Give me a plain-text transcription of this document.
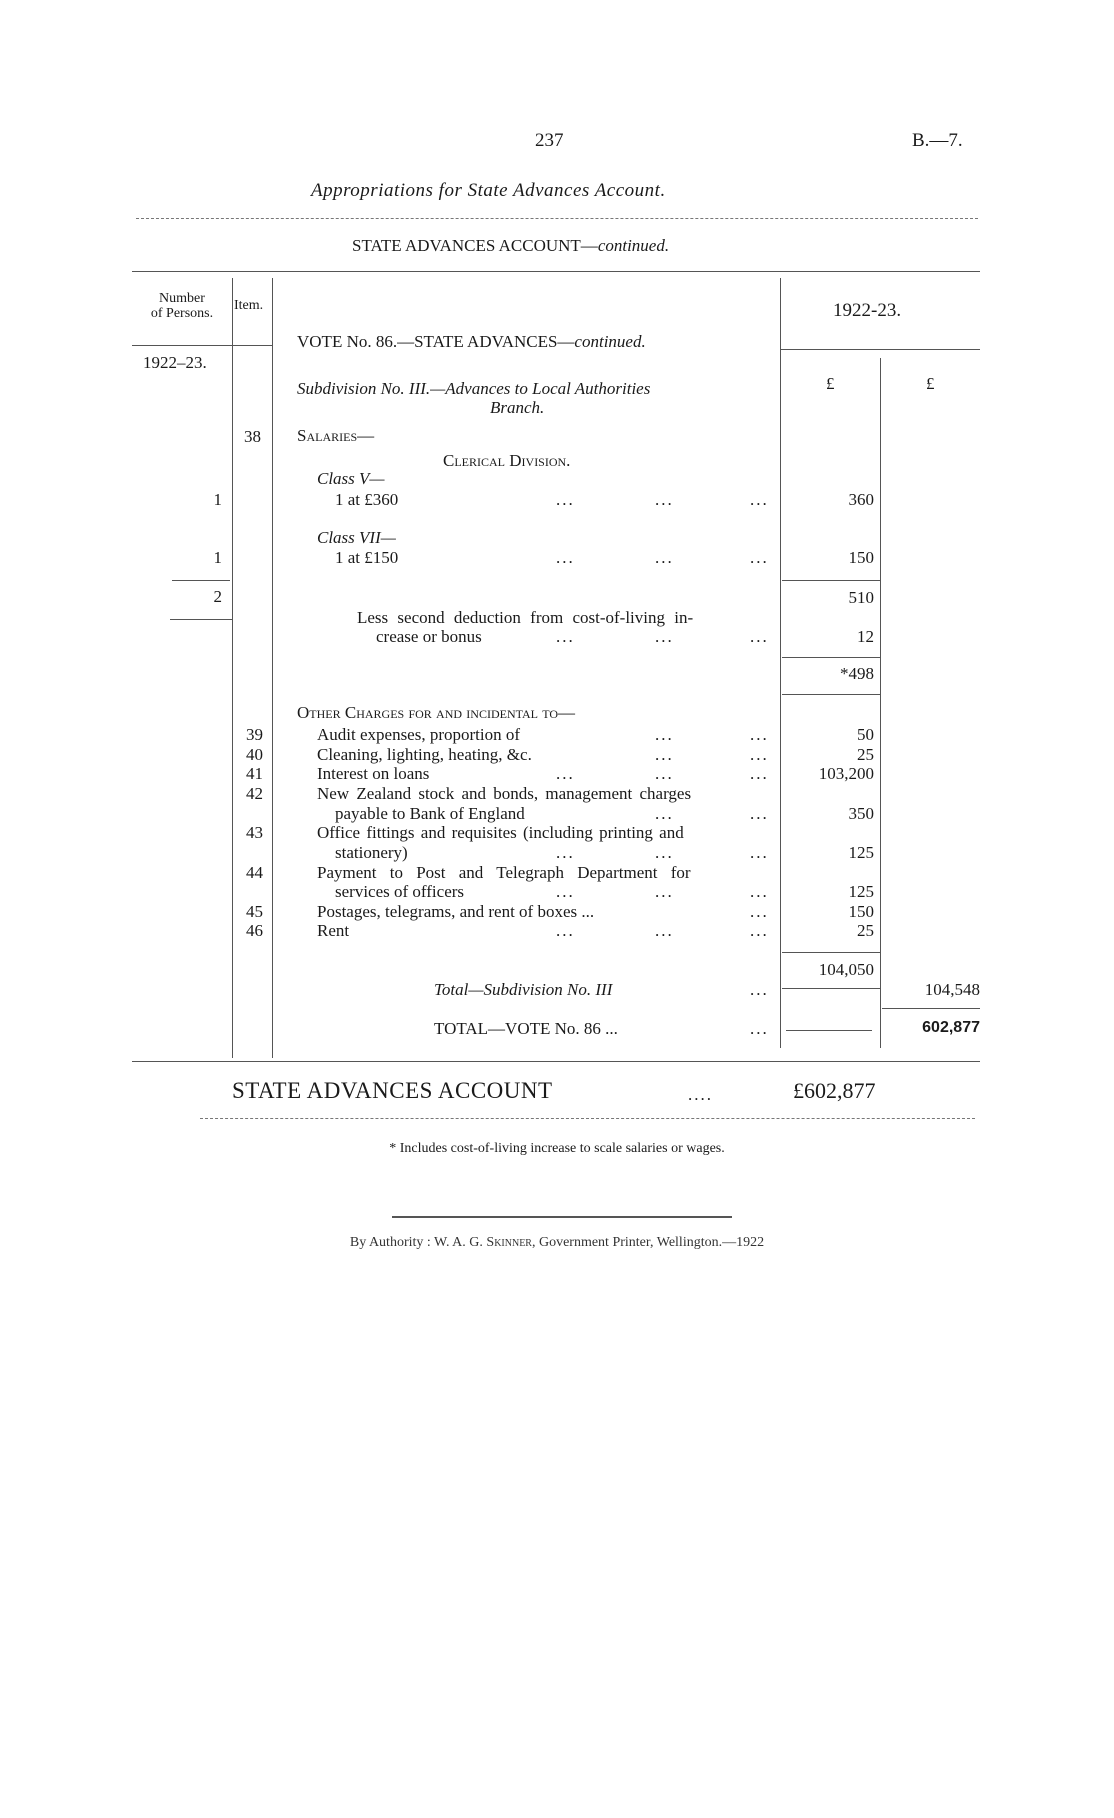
237	B.—7.
Appropriations for State Advances Account.
STATE ADVANCES ACCOUNT—continued.
Number
of Persons.
Item.	1922-23.
1922–23.
VOTE No. 86.—STATE ADVANCES—continued.
Subdivision No. III.—Advances to Local Authorities
Branch.
£	£
38 Salaries—
Clerical Division.
Class V—
1	1 at £360	...	...	...	360
Class VII—
1	1 at £150	...	...	...	150
2	510
Less second deduction from cost-of-living in-
crease or bonus	...	...	...	12
*498
Other Charges for and incidental to—
39	Audit expenses, proportion of	...	...	50
40	Cleaning, lighting, heating, &c.	...	...	25
41	Interest on loans	...	...	...	103,200
42	New Zealand stock and bonds, management charges
payable to Bank of England	...	...	350
43	Office fittings and requisites (including printing and
stationery)	...	...	...	125
44	Payment to Post and Telegraph Department for
services of officers	...	...	...	125
45	Postages, telegrams, and rent of boxes ...	...	150
46	Rent	...	...	...	25
104,050
Total—Subdivision No. III	...	104,548
TOTAL—VOTE No. 86 ...	...	602,877
STATE ADVANCES ACCOUNT	....	£602,877
* Includes cost-of-living increase to scale salaries or wages.
By Authority : W. A. G. Skinner, Government Printer, Wellington.—1922
